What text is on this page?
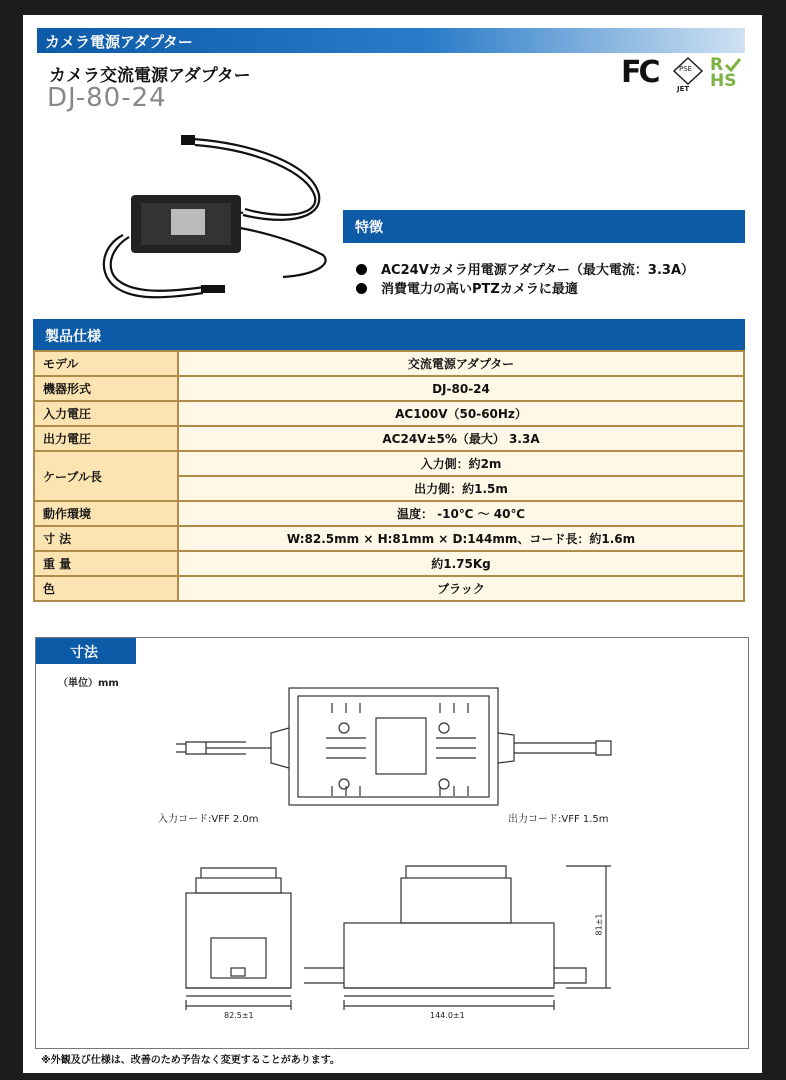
カメラ電源アダプター
カメラ交流電源アダプター
DJ-80-24
FC	PSE
JET
R
HS
特徴
AC24Vカメラ用電源アダプター（最大電流：3.3A）
消費電力の高いPTZカメラに最適
製品仕様
モデル	交流電源アダプター
機器形式	DJ-80-24
入力電圧	AC100V（50-60Hz）
出力電圧	AC24V±5%（最大） 3.3A
ケーブル長	入力側：約2m
	出力側：約1.5m
動作環境	温度： -10℃ ～ 40℃
寸 法	W:82.5mm × H:81mm × D:144mm、コード長：約1.6m
重 量	約1.75Kg
色	ブラック
寸法
（単位）mm
入力コード:VFF 2.0m	出力コード:VFF 1.5m
82.5±1	144.0±1
81±1
※外観及び仕様は、改善のため予告なく変更することがあります。
